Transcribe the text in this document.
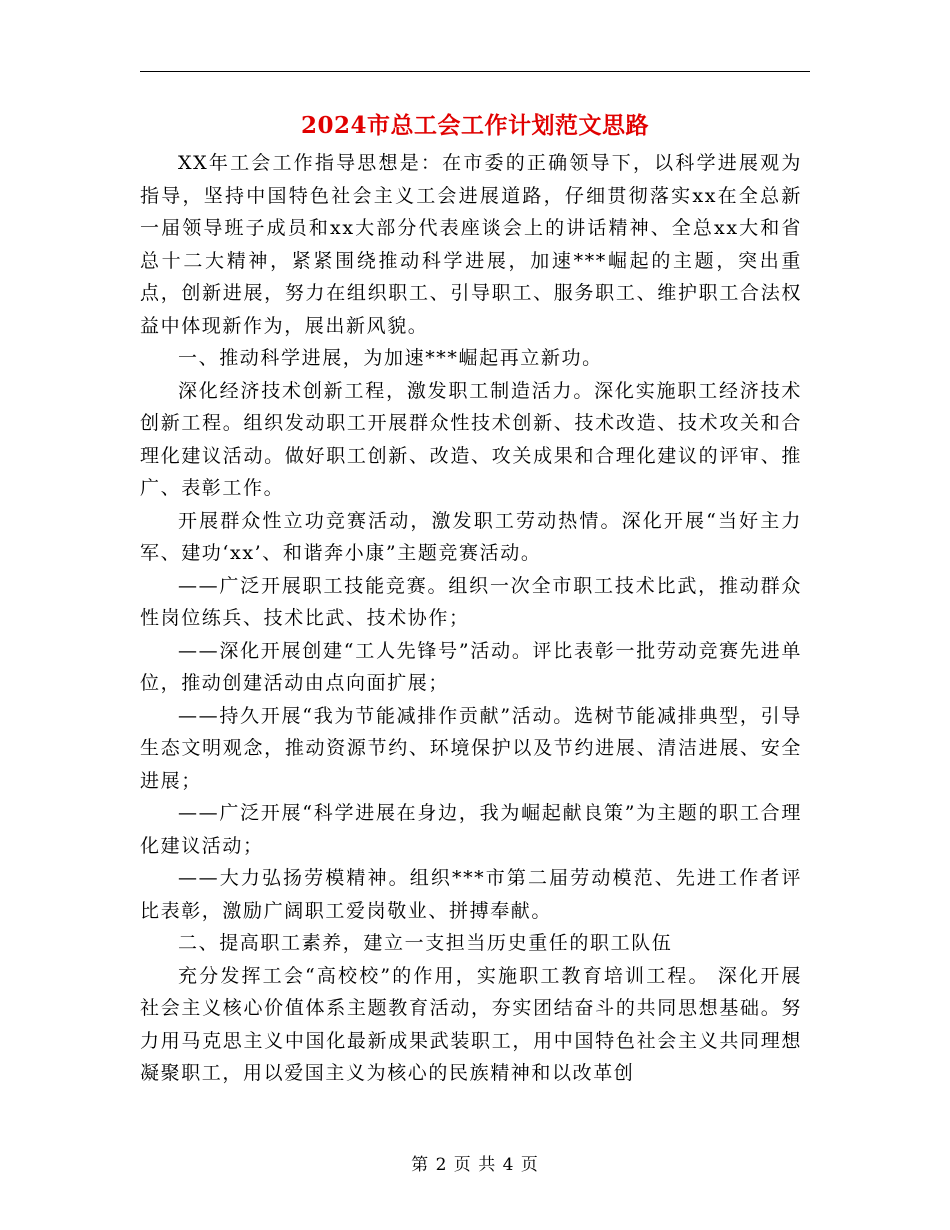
2024市总工会工作计划范文思路

XX年工会工作指导思想是：在市委的正确领导下，以科学进展观为指导，坚持中国特色社会主义工会进展道路，仔细贯彻落实xx在全总新一届领导班子成员和xx大部分代表座谈会上的讲话精神、全总xx大和省总十二大精神，紧紧围绕推动科学进展，加速***崛起的主题，突出重点，创新进展，努力在组织职工、引导职工、服务职工、维护职工合法权益中体现新作为，展出新风貌。

一、推动科学进展，为加速***崛起再立新功。

深化经济技术创新工程，激发职工制造活力。深化实施职工经济技术创新工程。组织发动职工开展群众性技术创新、技术改造、技术攻关和合理化建议活动。做好职工创新、改造、攻关成果和合理化建议的评审、推广、表彰工作。

开展群众性立功竞赛活动，激发职工劳动热情。深化开展“当好主力军、建功‘xx’、和谐奔小康”主题竞赛活动。

——广泛开展职工技能竞赛。组织一次全市职工技术比武，推动群众性岗位练兵、技术比武、技术协作；

——深化开展创建“工人先锋号”活动。评比表彰一批劳动竞赛先进单位，推动创建活动由点向面扩展；

——持久开展“我为节能减排作贡献”活动。选树节能减排典型，引导生态文明观念，推动资源节约、环境保护以及节约进展、清洁进展、安全进展；

——广泛开展“科学进展在身边，我为崛起献良策”为主题的职工合理化建议活动；

——大力弘扬劳模精神。组织***市第二届劳动模范、先进工作者评比表彰，激励广阔职工爱岗敬业、拼搏奉献。

二、提高职工素养，建立一支担当历史重任的职工队伍

充分发挥工会“高校校”的作用，实施职工教育培训工程。 深化开展社会主义核心价值体系主题教育活动，夯实团结奋斗的共同思想基础。努力用马克思主义中国化最新成果武装职工，用中国特色社会主义共同理想凝聚职工，用以爱国主义为核心的民族精神和以改革创

第 2 页 共 4 页
